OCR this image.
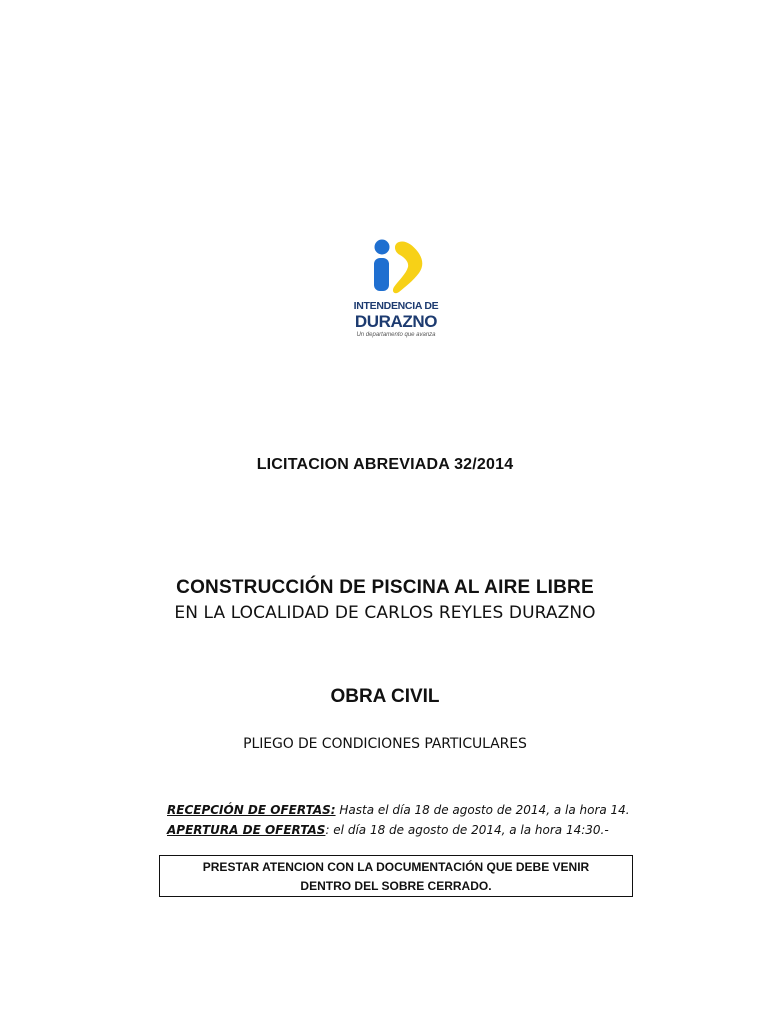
INTENDENCIA DE
DURAZNO
Un departamento que avanza
LICITACION ABREVIADA 32/2014
CONSTRUCCIÓN DE PISCINA AL AIRE LIBRE
EN LA LOCALIDAD DE CARLOS REYLES DURAZNO
OBRA CIVIL
PLIEGO DE CONDICIONES PARTICULARES
RECEPCIÓN DE OFERTAS: Hasta el día 18 de agosto de 2014, a la hora 14.
APERTURA DE OFERTAS: el día 18 de agosto de 2014, a la hora 14:30.-
PRESTAR ATENCION CON LA DOCUMENTACIÓN QUE DEBE VENIR
DENTRO DEL SOBRE CERRADO.
